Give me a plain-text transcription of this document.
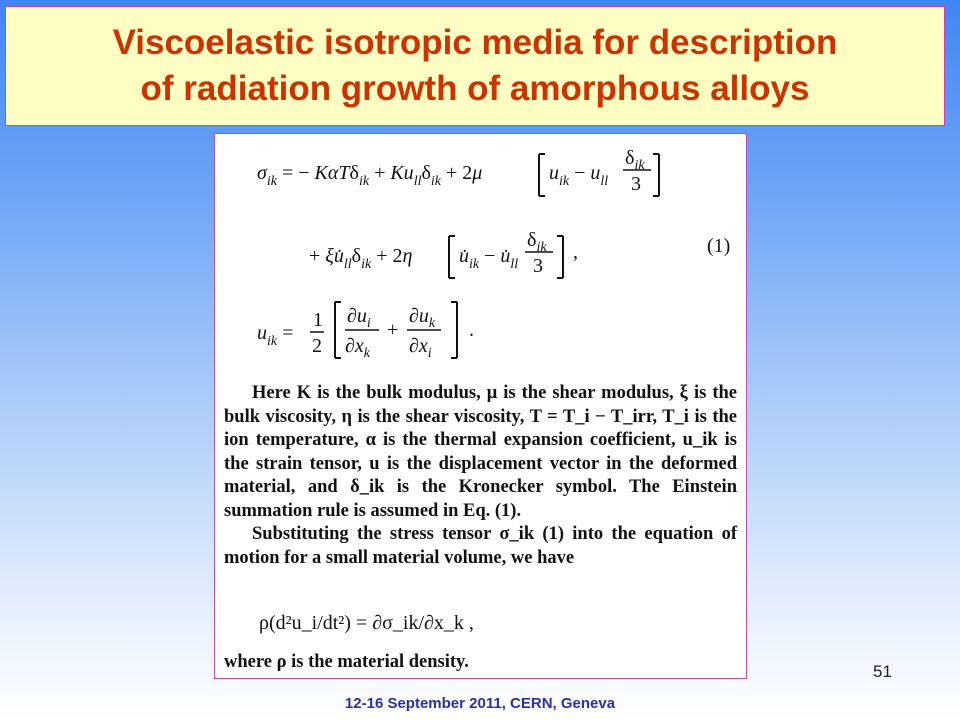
Viscoelastic isotropic media for description
of radiation growth of amorphous alloys
$\sigma_{ik}$ = − $K\alpha T\delta_{ik} + Ku_{ll}\delta_{ik} + 2\mu$	$u_{ik} - u_{ll}$
$\delta_{ik}$
3
+ $\xi u̇_{ll}\delta_{ik} + 2\eta$ $u̇_{ik}$ − $u̇_{ll}$
$\delta_{ik}$
3
,	(1)
$u_{ik}$ =
1
2
$\partial u_i$
$\partial x_k$
+
$\partial u_k$
$\partial x_i$
.

Here K is the bulk modulus, μ is the shear modulus, ξ is the bulk viscosity, η is the shear viscosity, T = T_i − T_irr, T_i is the ion temperature, α is the thermal expansion coefficient, u_ik is the strain tensor, u is the displacement vector in the deformed material, and δ_ik is the Kronecker symbol. The Einstein summation rule is assumed in Eq. (1).

Substituting the stress tensor σ_ik (1) into the equation of motion for a small material volume, we have

ρ(d²u_i/dt²) = ∂σ_ik/∂x_k ,
where ρ is the material density.	51
12-16 September 2011, CERN, Geneva
